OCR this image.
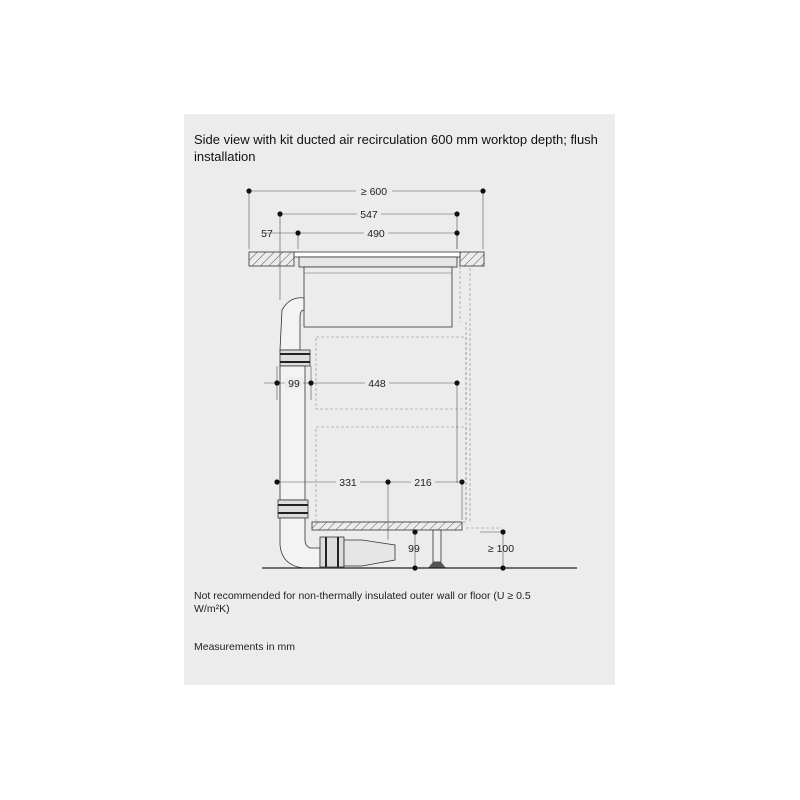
Side view with kit ducted air recirculation 600 mm worktop depth; flush installation
≥ 600
547
490
57
99	448
331	216
99	≥ 100
Not recommended for non-thermally insulated outer wall or floor (U ≥ 0.5 W/m²K)
Measurements in mm
